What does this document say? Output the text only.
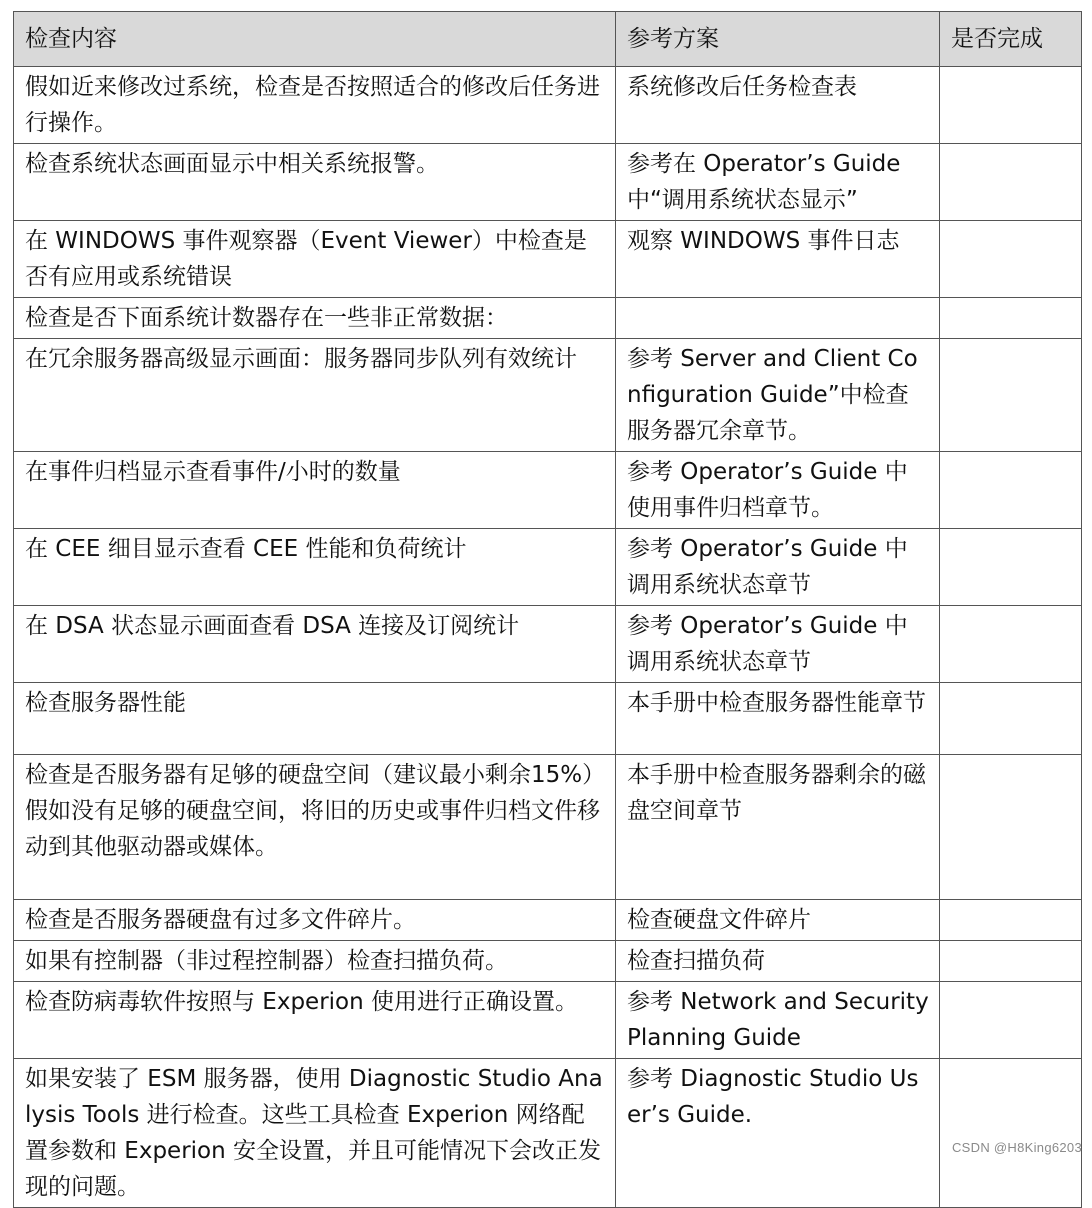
检查内容	参考方案	是否完成

假如近来修改过系统，检查是否按照适合的修改后任务进行操作。	系统修改后任务检查表	

检查系统状态画面显示中相关系统报警。	参考在 Operator’s Guide 中“调用系统状态显示”	

在 WINDOWS 事件观察器（Event Viewer）中检查是否有应用或系统错误	观察 WINDOWS 事件日志	

检查是否下面系统计数器存在一些非正常数据：		

在冗余服务器高级显示画面：服务器同步队列有效统计	参考 Server and Client Configuration Guide”中检查服务器冗余章节。	

在事件归档显示查看事件/小时的数量	参考 Operator’s Guide 中使用事件归档章节。	

在 CEE 细目显示查看 CEE 性能和负荷统计	参考 Operator’s Guide 中调用系统状态章节	

在 DSA 状态显示画面查看 DSA 连接及订阅统计	参考 Operator’s Guide 中调用系统状态章节	

检查服务器性能	本手册中检查服务器性能章节	

检查是否服务器有足够的硬盘空间（建议最小剩余15%）
假如没有足够的硬盘空间，将旧的历史或事件归档文件移动到其他驱动器或媒体。	本手册中检查服务器剩余的磁盘空间章节	

检查是否服务器硬盘有过多文件碎片。	检查硬盘文件碎片	

如果有控制器（非过程控制器）检查扫描负荷。	检查扫描负荷	

检查防病毒软件按照与 Experion 使用进行正确设置。	参考 Network and Security Planning Guide	

如果安装了 ESM 服务器，使用 Diagnostic Studio Analysis Tools 进行检查。这些工具检查 Experion 网络配置参数和 Experion 安全设置，并且可能情况下会改正发现的问题。	参考 Diagnostic Studio User’s Guide.	
CSDN @H8King6203
